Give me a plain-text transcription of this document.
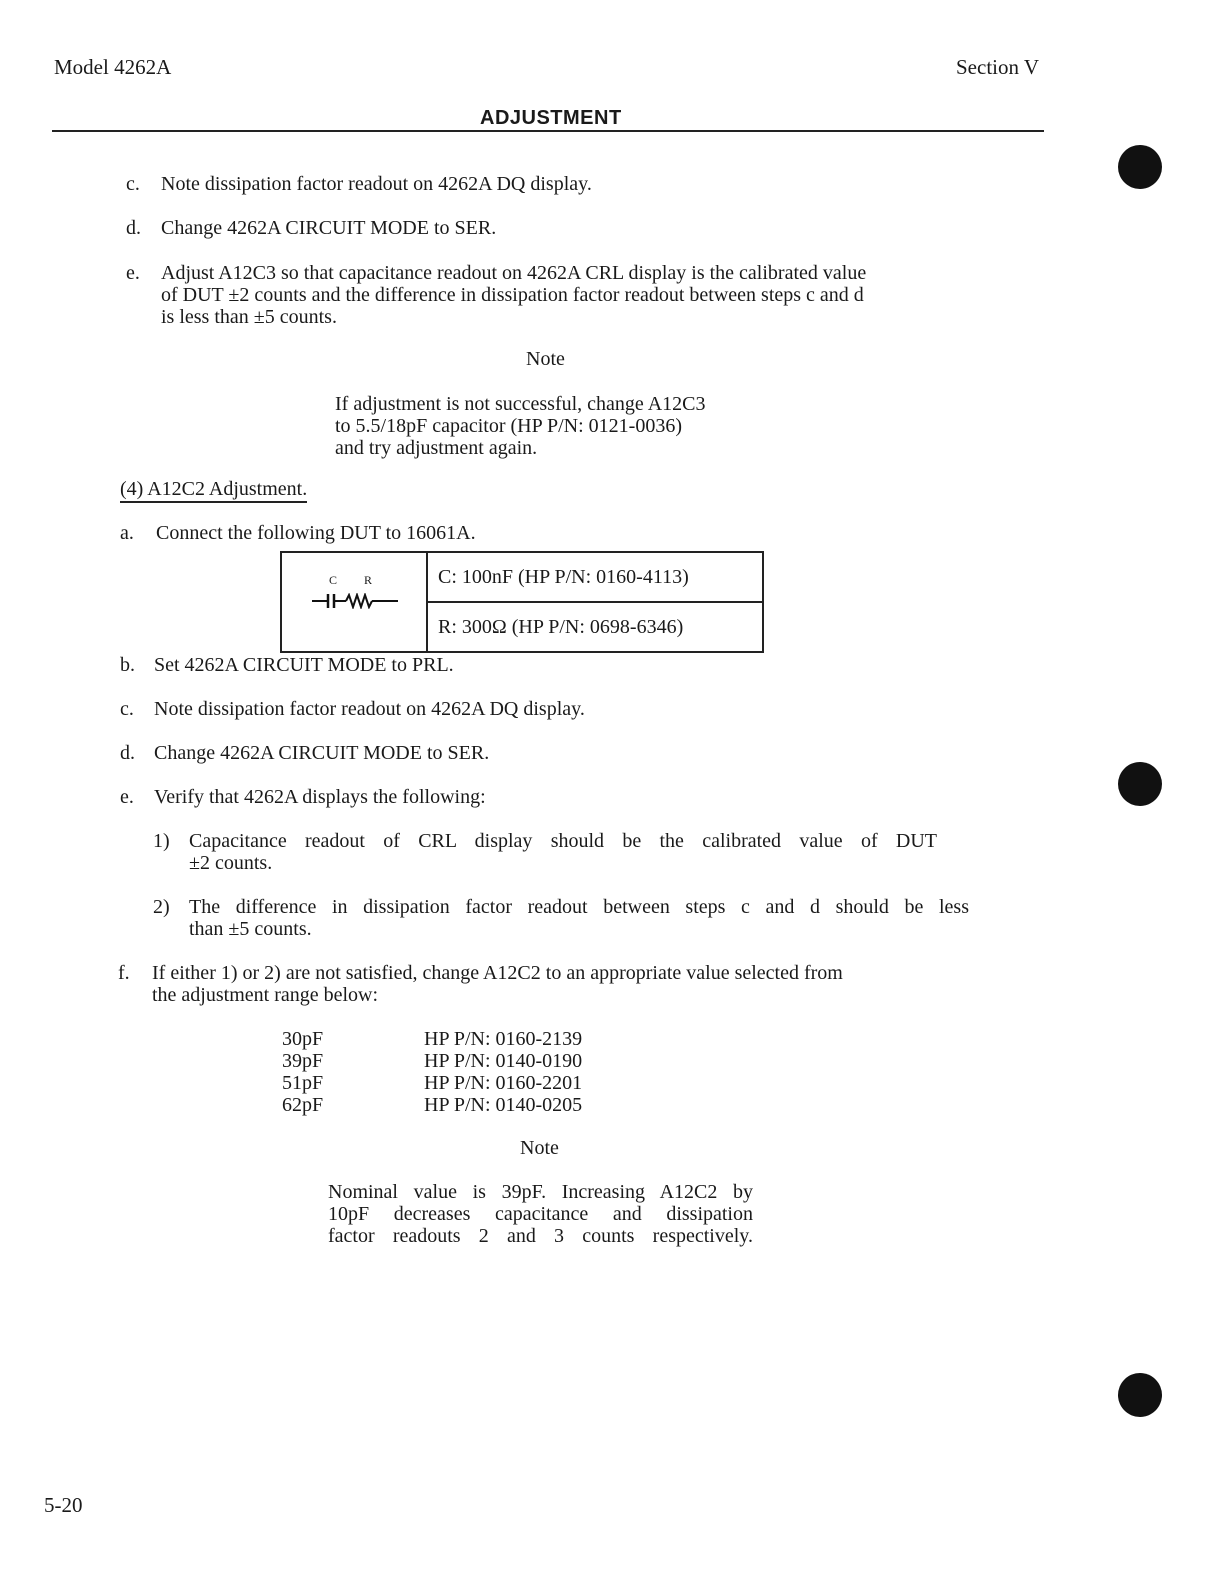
Model 4262A	Section V
ADJUSTMENT
c. Note dissipation factor readout on 4262A DQ display.
d. Change 4262A CIRCUIT MODE to SER.
e. Adjust A12C3 so that capacitance readout on 4262A CRL display is the calibrated value
of DUT ±2 counts and the difference in dissipation factor readout between steps c and d
is less than ±5 counts.
Note
If adjustment is not successful, change A12C3
to 5.5/18pF capacitor (HP P/N: 0121-0036)
and try adjustment again.
(4) A12C2 Adjustment.
a. Connect the following DUT to 16061A.
C R	C: 100nF (HP P/N: 0160-4113)
R: 300Ω (HP P/N: 0698-6346)
b. Set 4262A CIRCUIT MODE to PRL.
c. Note dissipation factor readout on 4262A DQ display.
d. Change 4262A CIRCUIT MODE to SER.
e. Verify that 4262A displays the following:
1) Capacitance readout of CRL display should be the calibrated value of DUT
±2 counts.
2) The difference in dissipation factor readout between steps c and d should be less
than ±5 counts.
f. If either 1) or 2) are not satisfied, change A12C2 to an appropriate value selected from
the adjustment range below:
30pF	HP P/N: 0160-2139
39pF	HP P/N: 0140-0190
51pF	HP P/N: 0160-2201
62pF	HP P/N: 0140-0205
Note
Nominal value is 39pF. Increasing A12C2 by
10pF decreases capacitance and dissipation
factor readouts 2 and 3 counts respectively.
5-20
